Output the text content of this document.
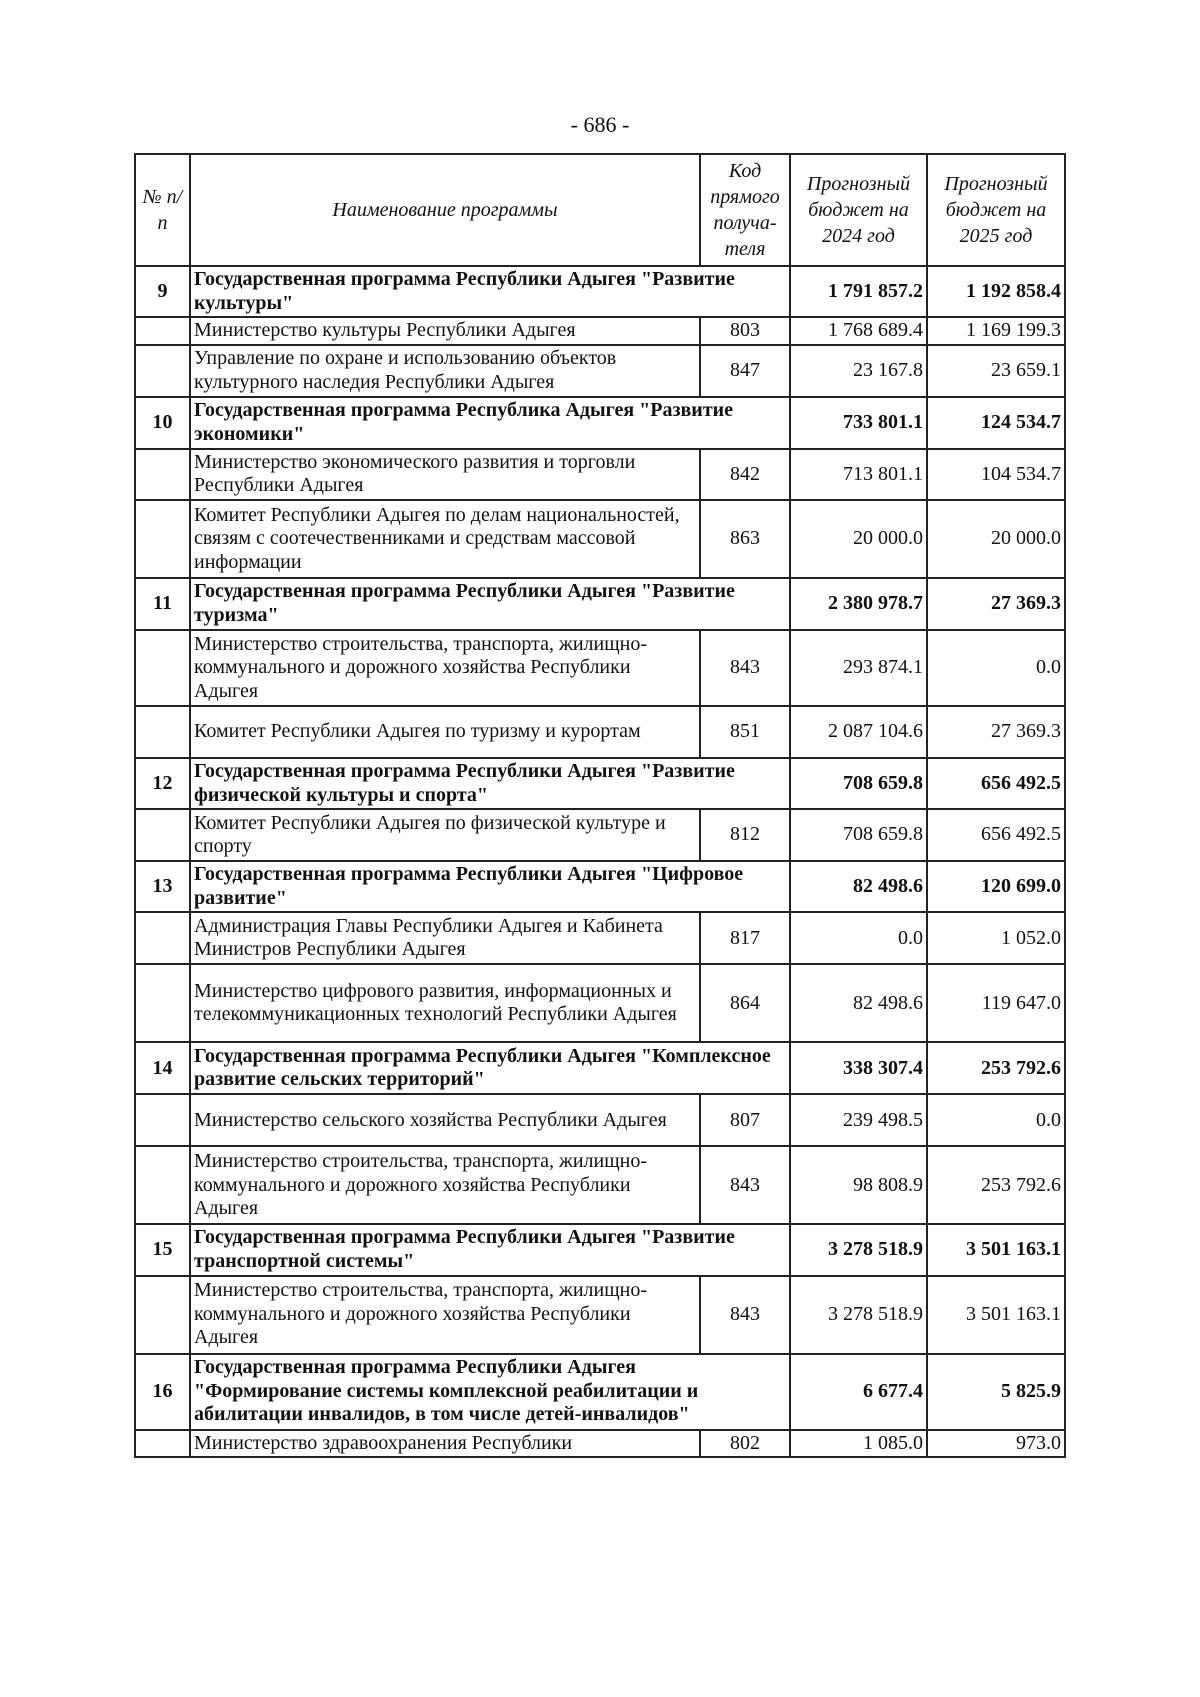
- 686 -
№ п/п	Наименование программы	Код прямого получа-теля	Прогнозный бюджет на 2024 год	Прогнозный бюджет на 2025 год
9	Государственная программа Республики Адыгея "Развитие культуры"		1 791 857.2	1 192 858.4
	Министерство культуры Республики Адыгея	803	1 768 689.4	1 169 199.3
	Управление по охране и использованию объектов культурного наследия Республики Адыгея	847	23 167.8	23 659.1
10	Государственная программа Республика Адыгея "Развитие экономики"		733 801.1	124 534.7
	Министерство экономического развития и торговли Республики Адыгея	842	713 801.1	104 534.7
	Комитет Республики Адыгея по делам национальностей, связям с соотечественниками и средствам массовой информации	863	20 000.0	20 000.0
11	Государственная программа Республики Адыгея "Развитие туризма"		2 380 978.7	27 369.3
	Министерство строительства, транспорта, жилищно-коммунального и дорожного хозяйства Республики Адыгея	843	293 874.1	0.0
	Комитет Республики Адыгея по туризму и курортам	851	2 087 104.6	27 369.3
12	Государственная программа Республики Адыгея "Развитие физической культуры и спорта"		708 659.8	656 492.5
	Комитет Республики Адыгея по физической культуре и спорту	812	708 659.8	656 492.5
13	Государственная программа Республики Адыгея "Цифровое развитие"		82 498.6	120 699.0
	Администрация Главы Республики Адыгея и Кабинета Министров Республики Адыгея	817	0.0	1 052.0
	Министерство цифрового развития, информационных и телекоммуникационных технологий Республики Адыгея	864	82 498.6	119 647.0
14	Государственная программа Республики Адыгея "Комплексное развитие сельских территорий"		338 307.4	253 792.6
	Министерство сельского хозяйства Республики Адыгея	807	239 498.5	0.0
	Министерство строительства, транспорта, жилищно-коммунального и дорожного хозяйства Республики Адыгея	843	98 808.9	253 792.6
15	Государственная программа Республики Адыгея "Развитие транспортной системы"		3 278 518.9	3 501 163.1
	Министерство строительства, транспорта, жилищно-коммунального и дорожного хозяйства Республики Адыгея	843	3 278 518.9	3 501 163.1
16	Государственная программа Республики Адыгея "Формирование системы комплексной реабилитации и абилитации инвалидов, в том числе детей-инвалидов"		6 677.4	5 825.9
	Министерство здравоохранения Республики	802	1 085.0	973.0
